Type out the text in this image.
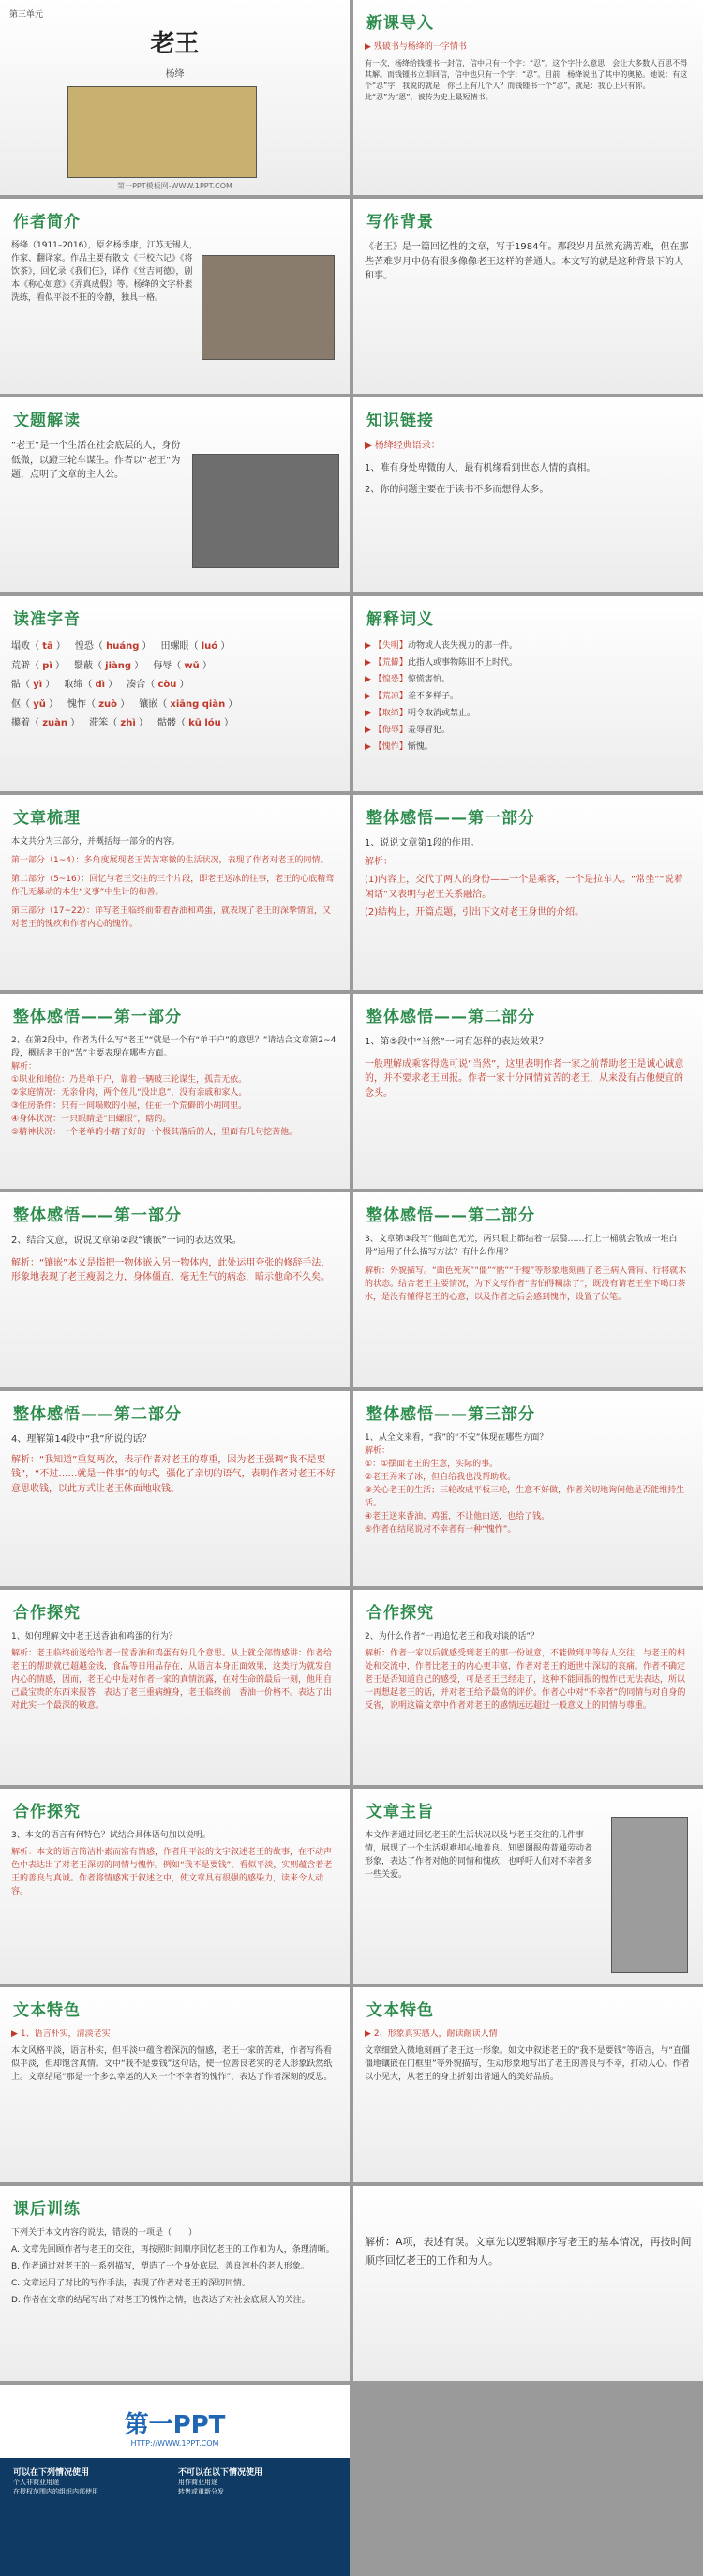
第三单元
老王
杨绛
第一PPT模板网-WWW.1PPT.COM
新课导入
▶ 残破书与杨绛的一字情书
有一次，杨绛给钱锺书一封信，信中只有一个字：“忍”。这个字什么意思，会让大多数人百思不得其解。而钱锺书立即回信，信中也只有一个字：“忍”。目前，杨绛说出了其中的奥秘。她说：有这个“忍”字，我说的就是，你已上有几个人？而钱锺书一个“忍”，就是：我心上只有你。此“忍”为“恩”，被传为史上最短情书。
作者简介
杨绛（1911–2016），原名杨季康，江苏无锡人，作家、翻译家。作品主要有散文《干校六记》《将饮茶》，回忆录《我们仨》，译作《堂吉诃德》，剧本《称心如意》《弄真成假》等。杨绛的文字朴素洗练，看似平淡不狂的冷静，独具一格。
写作背景
《老王》是一篇回忆性的文章，写于1984年。那段岁月虽然充满苦难，但在那些苦难岁月中仍有很多像像老王这样的普通人。本文写的就是这种背景下的人和事。
文题解读
“老王”是一个生活在社会底层的人，身份低微，以蹬三轮车谋生。作者以“老王”为题，点明了文章的主人公。
知识链接
▶ 杨绛经典语录：
1、唯有身处卑微的人，最有机缘看到世态人情的真相。
2、你的问题主要在于读书不多而想得太多。
读准字音
塌败（ tā ） 惶恐（ huáng ） 田螺眼（ luó ）
荒僻（ pì ） 翳蔽（ jiàng ） 侮辱（ wǔ ）
骷（ yì ） 取缔（ dì ） 凑合（ còu ）
伛（ yǔ ） 愧怍（ zuò ） 镶嵌（ xiāng qiàn ）
攥着（ zuàn ） 滞笨（ zhì ） 骷髅（ kū lóu ）
解释词义
▶ 【失明】动物或人丧失视力的那一件。
▶ 【荒僻】此指人或事物陈旧不上时代。
▶ 【惶恐】惊慌害怕。
▶ 【荒凉】差不多样子。
▶ 【取缔】明令取消或禁止。
▶ 【侮辱】羞辱冒犯。
▶ 【愧怍】惭愧。
文章梳理
本文共分为三部分，并概括每一部分的内容。
第一部分（1~4）：多角度展现老王苦苦寒微的生活状况，表现了作者对老王的同情。
第二部分（5~16）：回忆与老王交往的三个片段，即老王送冰的往事，老王的心底精骛作孔无暴动的本生“义事”中生计的和善。
第三部分（17~22）：详写老王临终前带着香油和鸡蛋，就表现了老王的深挚情谊，又对老王的愧疚和作者内心的愧怍。
整体感悟——第一部分
1、说说文章第1段的作用。
解析：
(1)内容上，交代了两人的身份——一个是乘客，一个是拉车人。“常坐”“说着闲话”又表明与老王关系融洽。
(2)结构上，开篇点题，引出下文对老王身世的介绍。
整体感悟——第一部分
2、在第2段中，作者为什么写“老王”“就是一个有“单干户”的意思？”请结合文章第2~4段，概括老王的“苦”主要表现在哪些方面。
解析：
①职业和地位：乃是单干户，靠着一辆破三轮谋生，孤苦无依。
②家庭情况：无亲骨肉，两个侄儿“没出息”，没有亲戚和家人。
③住房条件：只有一间塌败的小屋，住在一个荒僻的小胡同里。
④身体状况：一只眼睛是“田螺眼”，瞎的。
⑤精神状况：一个老单的小瞎子好的一个极其落后的人，里面有几句挖苦他。
整体感悟——第二部分
1、第⑤段中“当然”一词有怎样的表达效果？
一般理解成乘客得选可说“当然”，这里表明作者一家之前帮助老王是诚心诚意的，并不要求老王回报。作者一家十分同情贫苦的老王，从来没有占他便宜的念头。
整体感悟——第一部分
2、结合文意，说说文章第②段“镶嵌”一词的表达效果。
解析：“镶嵌”本义是指把一物体嵌入另一物体内，此处运用夸张的修辞手法，形象地表现了老王瘦弱之力，身体僵直、毫无生气的病态，暗示他命不久矣。
整体感悟——第二部分
3、文章第③段写“他面色无光，两只眼上都结着一层翳……打上一桶就会散成一堆白骨”运用了什么描写方法？有什么作用？
解析：外貌描写。“面色死灰”“僵”“骷”“干瘦”等形象地刻画了老王病入膏肓、行将就木的状态。结合老王主要情况，为下文写作者“害怕得糊涂了”，既没有请老王坐下喝口茶水，是没有懂得老王的心意，以及作者之后会感到愧怍，设置了伏笔。
整体感悟——第二部分
4、理解第14段中“我”所说的话？
解析：“我知道”重复两次，表示作者对老王的尊重，因为老王强调“我不是要钱”，“不过……就是一件事”的句式，强化了亲切的语气，表明作者对老王不好意思收钱，以此方式让老王体面地收钱。
整体感悟——第三部分
1、从全文来看，“我”的“不安”体现在哪些方面？
解析：
①：①摆面老王的生意，实际的事。
②老王弄来了冰，但自给我也没帮助收。
③关心老王的生活；三轮改成平板三轮，生意不好做，作者关切地询问他是否能维持生活。
④老王送来香油、鸡蛋，不让他白送，也给了钱。
⑤作者在结尾说对不幸者有一种“愧怍”。
合作探究
1、如何理解文中老王送香油和鸡蛋的行为？
解析：老王临终前送给作者一筐香油和鸡蛋有好几个意思。从上就全部情感讲：作者给老王的帮助就已超越金钱，食品等日用品存在，从语言本身正面效果，这类行为就发自内心的情感，因而，老王心中是对作者一家的真情流露，在对生命的最后一刻，他用自己最宝贵的东西来报答，表达了老王重病缠身，老王临终前，香油一价格不。表达了出对此实一个最深的敬意。
合作探究
2、为什么作者“一再追忆老王和我对谈的话”？
解析：作者一家以后就感受到老王的那一份诚意，不能做到平等待人交往，与老王的相处和交流中，作者比老王的内心更丰富，作者对老王的逝世中深切的哀痛。作者不确定老王是否知道自己的感受，可是老王已经走了，这种不能回报的愧怍已无法表达，所以一再想起老王的话，并对老王给予最高的评价。作者心中对“不幸者”的同情与对自身的反省，说明这篇文章中作者对老王的感情远远超过一般意义上的同情与尊重。
合作探究
3、本文的语言有何特色？试结合具体语句加以说明。
解析：本文的语言简洁朴素而富有情感，作者用平淡的文字叙述老王的故事，在不动声色中表达出了对老王深切的同情与愧怍。例如“我不是要钱”，看似平淡，实则蕴含着老王的善良与真诚。作者将情感寓于叙述之中，使文章具有很强的感染力，读来令人动容。
文章主旨
本文作者通过回忆老王的生活状况以及与老王交往的几件事情，展现了一个生活艰难却心地善良、知恩图报的普通劳动者形象，表达了作者对他的同情和愧疚，也呼吁人们对不幸者多一些关爱。
文本特色
▶ 1、语言朴实，清淡老实
本文风格平淡，语言朴实，但平淡中蕴含着深沉的情感，老王一家的苦难，作者写得看似平淡，但却饱含真情。文中“我不是要钱”这句话，使一位善良老实的老人形象跃然纸上。文章结尾“那是一个多么幸运的人对一个不幸者的愧怍”，表达了作者深刻的反思。
文本特色
▶ 2、形象真实感人，耐读耐读人情
文章细致入微地刻画了老王这一形象。如文中叙述老王的“我不是要钱”等语言，与“直僵僵地镶嵌在门框里”等外貌描写，生动形象地写出了老王的善良与不幸，打动人心。作者以小见大，从老王的身上折射出普通人的美好品质。
课后训练
下列关于本文内容的说法，错误的一项是（　　）
A. 文章先回顾作者与老王的交往，再按照时间顺序回忆老王的工作和为人，条理清晰。
B. 作者通过对老王的一系列描写，塑造了一个身处底层、善良淳朴的老人形象。
C. 文章运用了对比的写作手法，表现了作者对老王的深切同情。
D. 作者在文章的结尾写出了对老王的愧怍之情，也表达了对社会底层人的关注。
解析：A项，表述有误。文章先以逻辑顺序写老王的基本情况，再按时间顺序回忆老王的工作和为人。
第一PPT
HTTP://WWW.1PPT.COM
可以在下列情况使用
个人非商业用途
在授权范围内的组织内部使用
不可以在以下情况使用
用作商业用途
转售或重新分发
